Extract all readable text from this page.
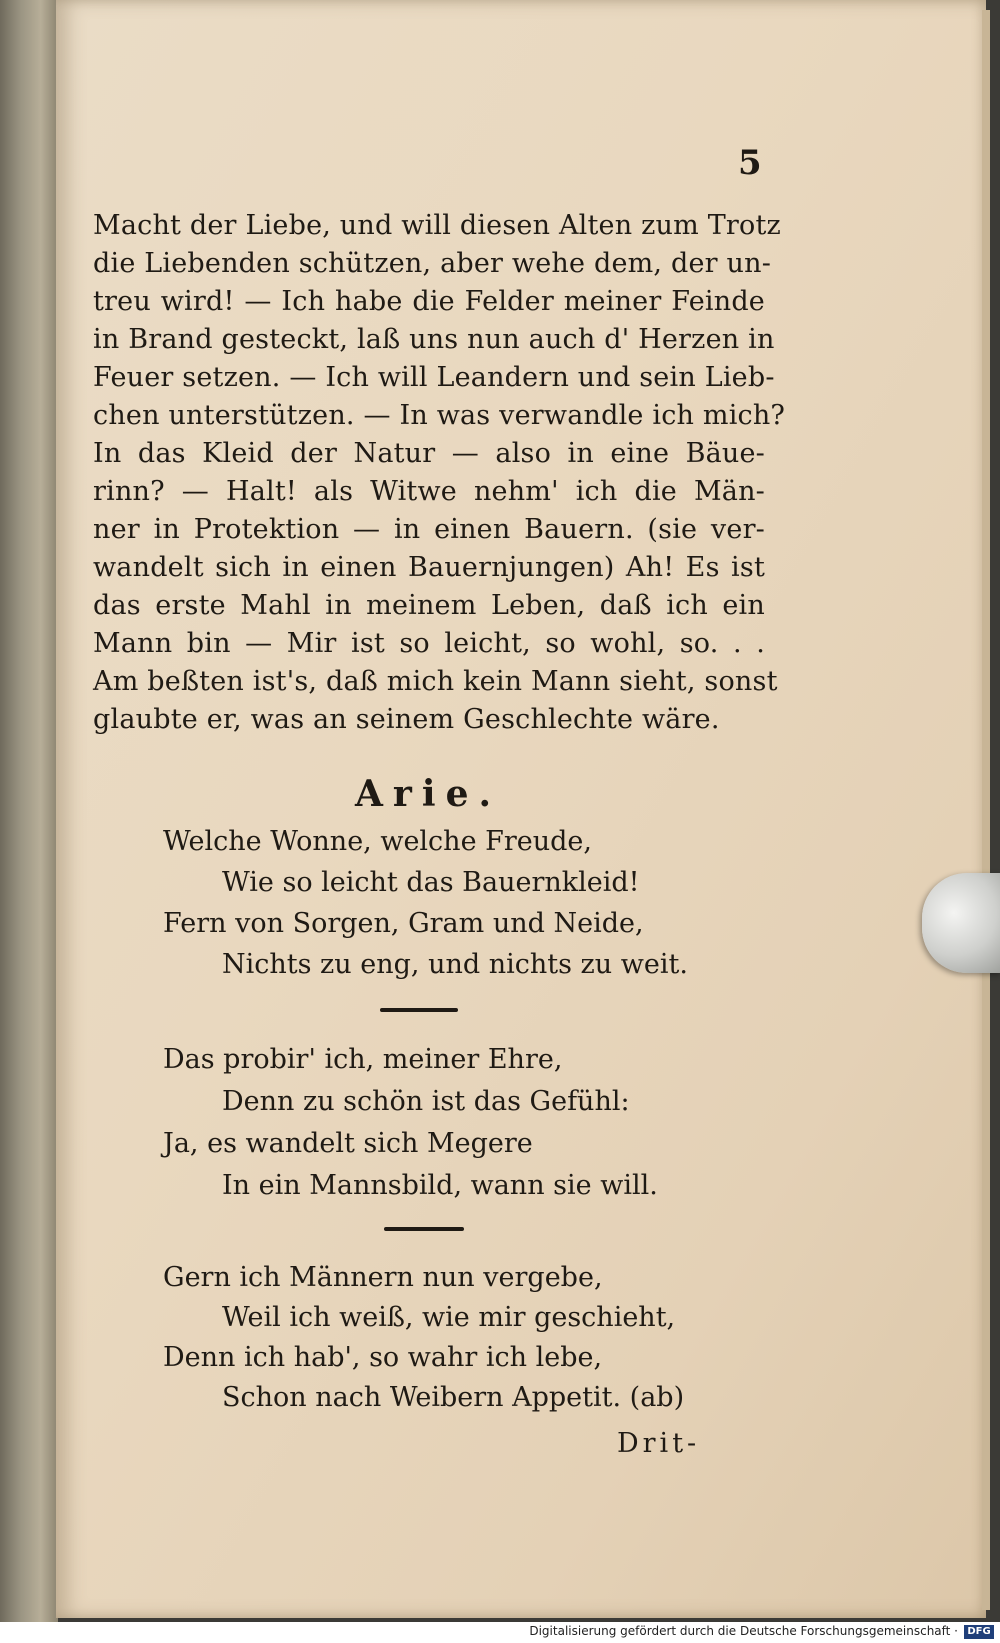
5
Macht der Liebe, und will diesen Alten zum Trotz
die Liebenden schützen, aber wehe dem, der un-
treu wird! — Ich habe die Felder meiner Feinde
in Brand gesteckt, laß uns nun auch d' Herzen in
Feuer setzen. — Ich will Leandern und sein Lieb-
chen unterstützen. — In was verwandle ich mich?
In das Kleid der Natur — also in eine Bäue-
rinn? — Halt! als Witwe nehm' ich die Män-
ner in Protektion — in einen Bauern. (sie ver-
wandelt sich in einen Bauernjungen) Ah! Es ist
das erste Mahl in meinem Leben, daß ich ein
Mann bin — Mir ist so leicht, so wohl, so. . .
Am beßten ist's, daß mich kein Mann sieht, sonst
glaubte er, was an seinem Geschlechte wäre.
Arie.
Welche Wonne, welche Freude,
Wie so leicht das Bauernkleid!
Fern von Sorgen, Gram und Neide,
Nichts zu eng, und nichts zu weit.
Das probir' ich, meiner Ehre,
Denn zu schön ist das Gefühl:
Ja, es wandelt sich Megere
In ein Mannsbild, wann sie will.
Gern ich Männern nun vergebe,
Weil ich weiß, wie mir geschieht,
Denn ich hab', so wahr ich lebe,
Schon nach Weibern Appetit. (ab)
Drit-
Digitalisierung gefördert durch die Deutsche Forschungsgemeinschaft · DFG
